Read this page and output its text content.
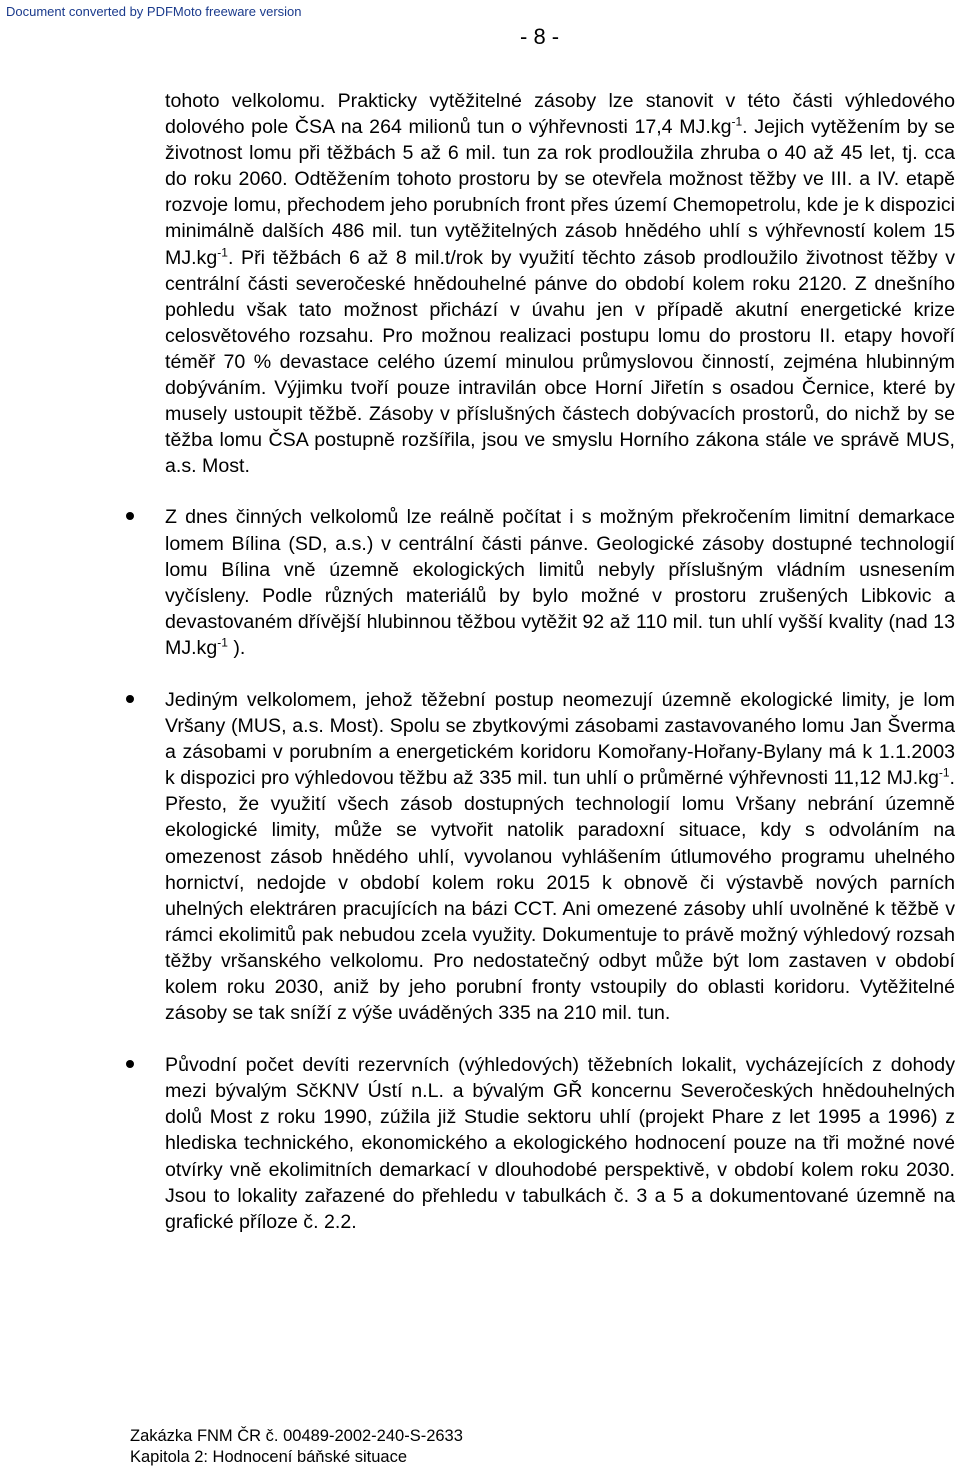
Document converted by PDFMoto freeware version
- 8 -

tohoto velkolomu. Prakticky vytěžitelné zásoby lze stanovit v této části výhledového dolového pole ČSA na 264 milionů tun o výhřevnosti 17,4 $MJ.kg^{-1}$. Jejich vytěžením by se životnost lomu při těžbách 5 až 6 mil. tun za rok prodloužila zhruba o 40 až 45 let, tj. cca do roku 2060. Odtěžením tohoto prostoru by se otevřela možnost těžby ve III. a IV. etapě rozvoje lomu, přechodem jeho porubních front přes území Chemopetrolu, kde je k dispozici minimálně dalších 486 mil. tun vytěžitelných zásob hnědého uhlí s výhřevností kolem 15 $MJ.kg^{-1}$. Při těžbách 6 až 8 mil.t/rok by využití těchto zásob prodloužilo životnost těžby v centrální části severočeské hnědouhelné pánve do období kolem roku 2120. Z dnešního pohledu však tato možnost přichází v úvahu jen v případě akutní energetické krize celosvětového rozsahu. Pro možnou realizaci postupu lomu do prostoru II. etapy hovoří téměř 70 % devastace celého území minulou průmyslovou činností, zejména hlubinným dobýváním. Výjimku tvoří pouze intravilán obce Horní Jiřetín s osadou Černice, které by musely ustoupit těžbě. Zásoby v příslušných částech dobývacích prostorů, do nichž by se těžba lomu ČSA postupně rozšířila, jsou ve smyslu Horního zákona stále ve správě MUS, a.s. Most.

Z dnes činných velkolomů lze reálně počítat i s možným překročením limitní demarkace lomem Bílina (SD, a.s.) v centrální části pánve. Geologické zásoby dostupné technologií lomu Bílina vně územně ekologických limitů nebyly příslušným vládním usnesením vyčísleny. Podle různých materiálů by bylo možné v prostoru zrušených Libkovic a devastovaném dřívější hlubinnou těžbou vytěžit 92 až 110 mil. tun uhlí vyšší kvality (nad 13 $MJ.kg^{-1}$ ).

Jediným velkolomem, jehož těžební postup neomezují územně ekologické limity, je lom Vršany (MUS, a.s. Most). Spolu se zbytkovými zásobami zastavovaného lomu Jan Šverma a zásobami v porubním a energetickém koridoru Komořany-Hořany-Bylany má k 1.1.2003 k dispozici pro výhledovou těžbu až 335 mil. tun uhlí o průměrné výhřevnosti 11,12 $MJ.kg^{-1}$. Přesto, že využití všech zásob dostupných technologií lomu Vršany nebrání územně ekologické limity, může se vytvořit natolik paradoxní situace, kdy s odvoláním na omezenost zásob hnědého uhlí, vyvolanou vyhlášením útlumového programu uhelného hornictví, nedojde v období kolem roku 2015 k obnově či výstavbě nových parních uhelných elektráren pracujících na bázi CCT. Ani omezené zásoby uhlí uvolněné k těžbě v rámci ekolimitů pak nebudou zcela využity. Dokumentuje to právě možný výhledový rozsah těžby vršanského velkolomu. Pro nedostatečný odbyt může být lom zastaven v období kolem roku 2030, aniž by jeho porubní fronty vstoupily do oblasti koridoru. Vytěžitelné zásoby se tak sníží z výše uváděných 335 na 210 mil. tun.

Původní počet devíti rezervních (výhledových) těžebních lokalit, vycházejících z dohody mezi bývalým SčKNV Ústí n.L. a bývalým GŘ koncernu Severočeských hnědouhelných dolů Most z roku 1990, zúžila již Studie sektoru uhlí (projekt Phare z let 1995 a 1996) z hlediska technického, ekonomického a ekologického hodnocení pouze na tři možné nové otvírky vně ekolimitních demarkací v dlouhodobé perspektivě, v období kolem roku 2030. Jsou to lokality zařazené do přehledu v tabulkách č. 3 a 5 a dokumentované územně na grafické příloze č. 2.2.

Zakázka FNM ČR č. 00489-2002-240-S-2633
Kapitola 2: Hodnocení báňské situace
